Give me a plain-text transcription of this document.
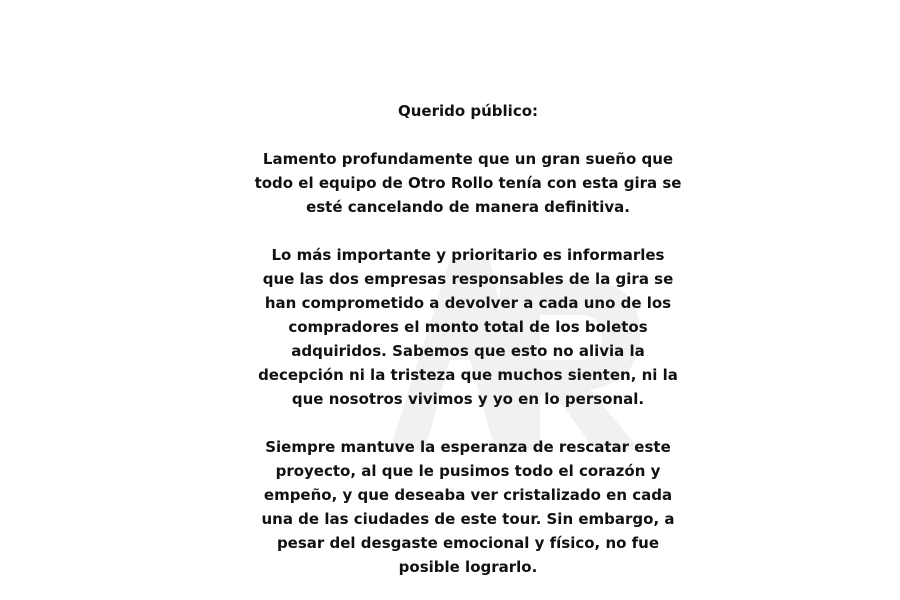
Querido público:

Lamento profundamente que un gran sueño que
todo el equipo de Otro Rollo tenía con esta gira se
esté cancelando de manera definitiva.

Lo más importante y prioritario es informarles
que las dos empresas responsables de la gira se
han comprometido a devolver a cada uno de los
compradores el monto total de los boletos
adquiridos. Sabemos que esto no alivia la
decepción ni la tristeza que muchos sienten, ni la
que nosotros vivimos y yo en lo personal.

Siempre mantuve la esperanza de rescatar este
proyecto, al que le pusimos todo el corazón y
empeño, y que deseaba ver cristalizado en cada
una de las ciudades de este tour. Sin embargo, a
pesar del desgaste emocional y físico, no fue
posible lograrlo.
